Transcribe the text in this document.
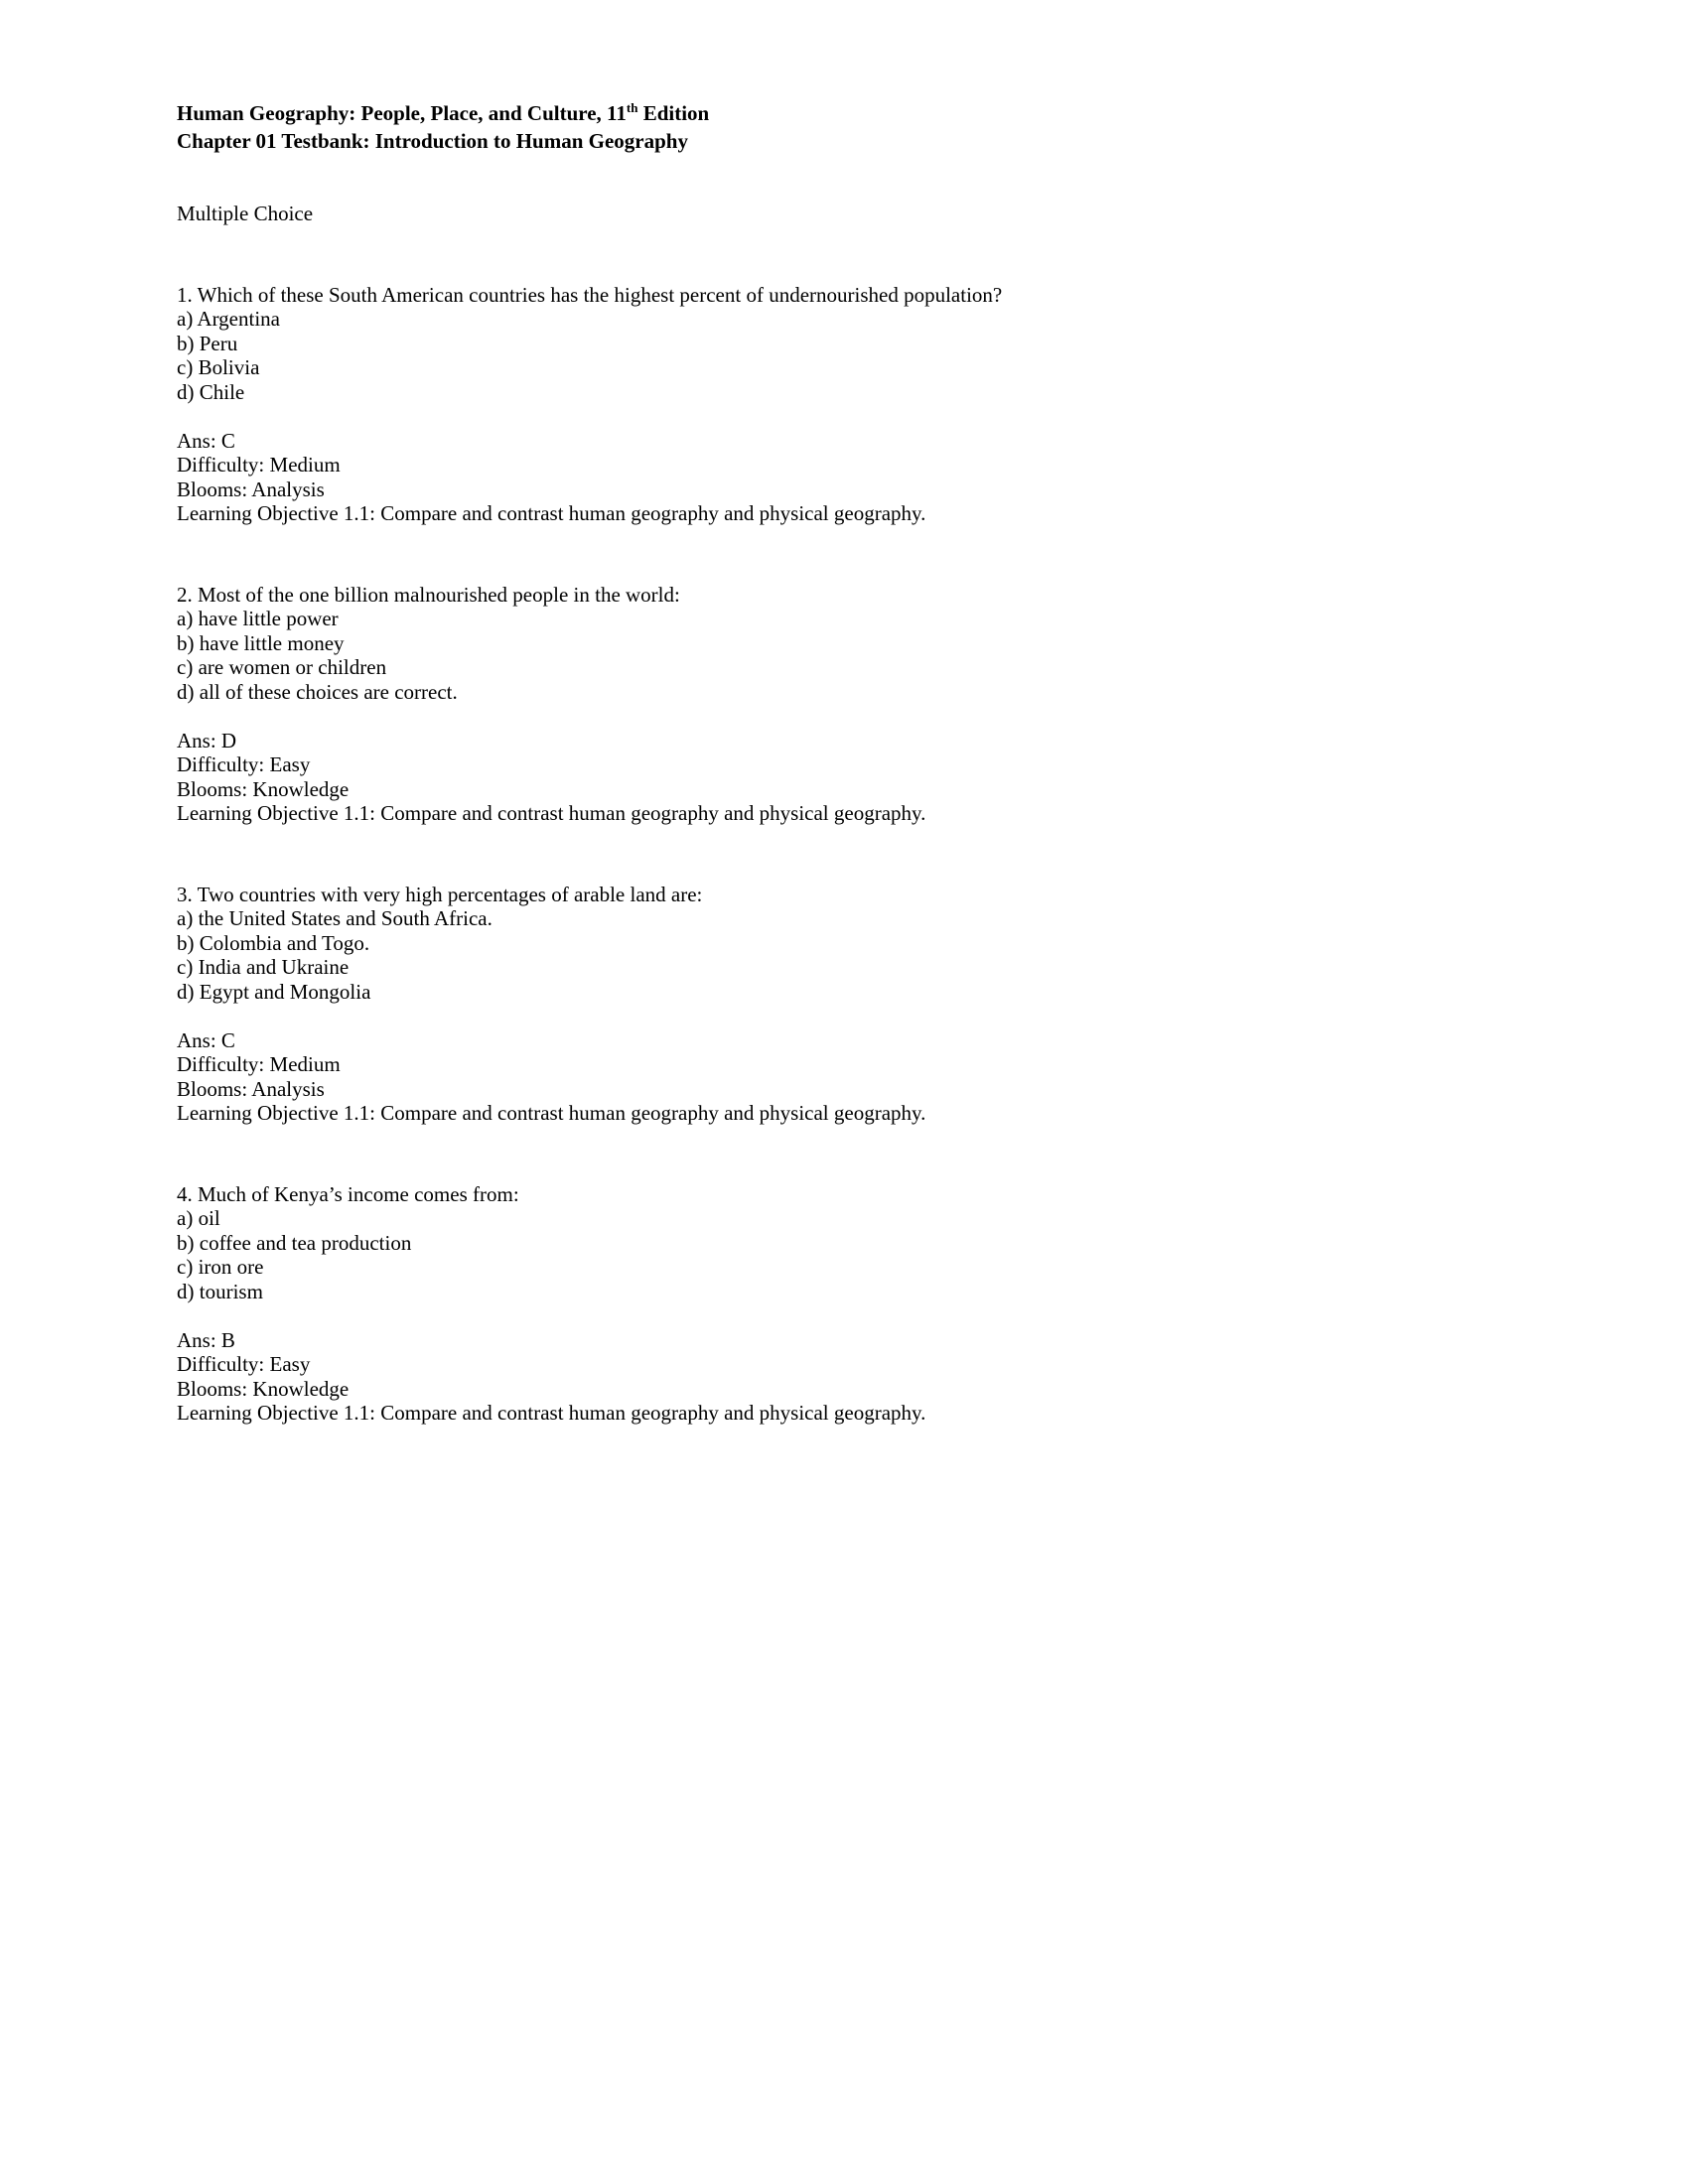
Human Geography: People, Place, and Culture, 11th Edition

Chapter 01 Testbank: Introduction to Human Geography

Multiple Choice

1. Which of these South American countries has the highest percent of undernourished population?

a) Argentina

b) Peru

c) Bolivia

d) Chile

Ans: C

Difficulty: Medium

Blooms: Analysis

Learning Objective 1.1: Compare and contrast human geography and physical geography.

2. Most of the one billion malnourished people in the world:

a) have little power

b) have little money

c) are women or children

d) all of these choices are correct.

Ans: D

Difficulty: Easy

Blooms: Knowledge

Learning Objective 1.1: Compare and contrast human geography and physical geography.

3. Two countries with very high percentages of arable land are:

a) the United States and South Africa.

b) Colombia and Togo.

c) India and Ukraine

d) Egypt and Mongolia

Ans: C

Difficulty: Medium

Blooms: Analysis

Learning Objective 1.1: Compare and contrast human geography and physical geography.

4. Much of Kenya’s income comes from:

a) oil

b) coffee and tea production

c) iron ore

d) tourism

Ans: B

Difficulty: Easy

Blooms: Knowledge

Learning Objective 1.1: Compare and contrast human geography and physical geography.
